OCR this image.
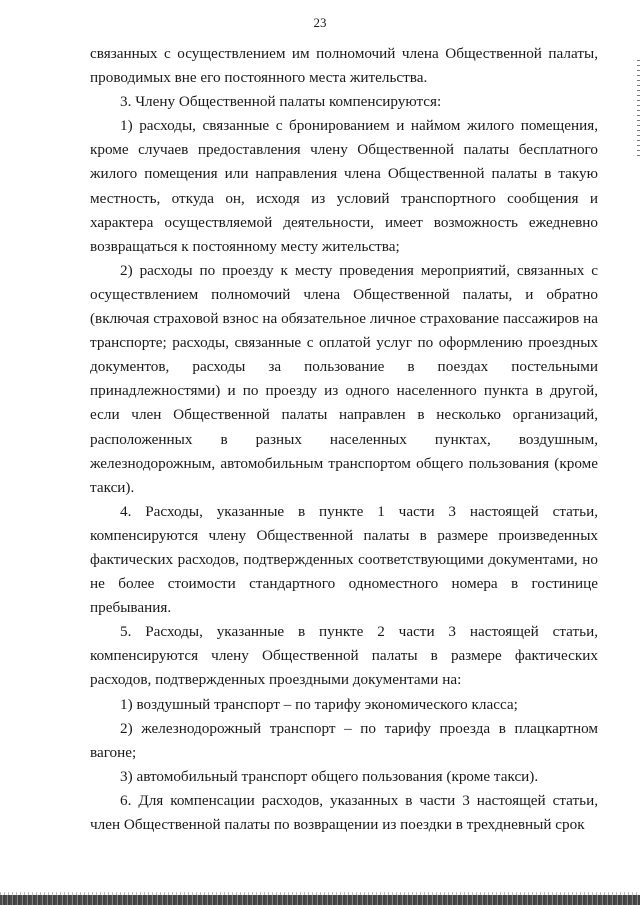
23

связанных с осуществлением им полномочий члена Общественной палаты, проводимых вне его постоянного места жительства.

3. Члену Общественной палаты компенсируются:

1) расходы, связанные с бронированием и наймом жилого помещения, кроме случаев предоставления члену Общественной палаты бесплатного жилого помещения или направления члена Общественной палаты в такую местность, откуда он, исходя из условий транспортного сообщения и характера осуществляемой деятельности, имеет возможность ежедневно возвращаться к постоянному месту жительства;

2) расходы по проезду к месту проведения мероприятий, связанных с осуществлением полномочий члена Общественной палаты, и обратно (включая страховой взнос на обязательное личное страхование пассажиров на транспорте; расходы, связанные с оплатой услуг по оформлению проездных документов, расходы за пользование в поездах постельными принадлежностями) и по проезду из одного населенного пункта в другой, если член Общественной палаты направлен в несколько организаций, расположенных в разных населенных пунктах, воздушным, железнодорожным, автомобильным транспортом общего пользования (кроме такси).

4. Расходы, указанные в пункте 1 части 3 настоящей статьи, компенсируются члену Общественной палаты в размере произведенных фактических расходов, подтвержденных соответствующими документами, но не более стоимости стандартного одноместного номера в гостинице пребывания.

5. Расходы, указанные в пункте 2 части 3 настоящей статьи, компенсируются члену Общественной палаты в размере фактических расходов, подтвержденных проездными документами на:

1) воздушный транспорт – по тарифу экономического класса;

2) железнодорожный транспорт – по тарифу проезда в плацкартном вагоне;

3) автомобильный транспорт общего пользования (кроме такси).

6. Для компенсации расходов, указанных в части 3 настоящей статьи, член Общественной палаты по возвращении из поездки в трехдневный срок
